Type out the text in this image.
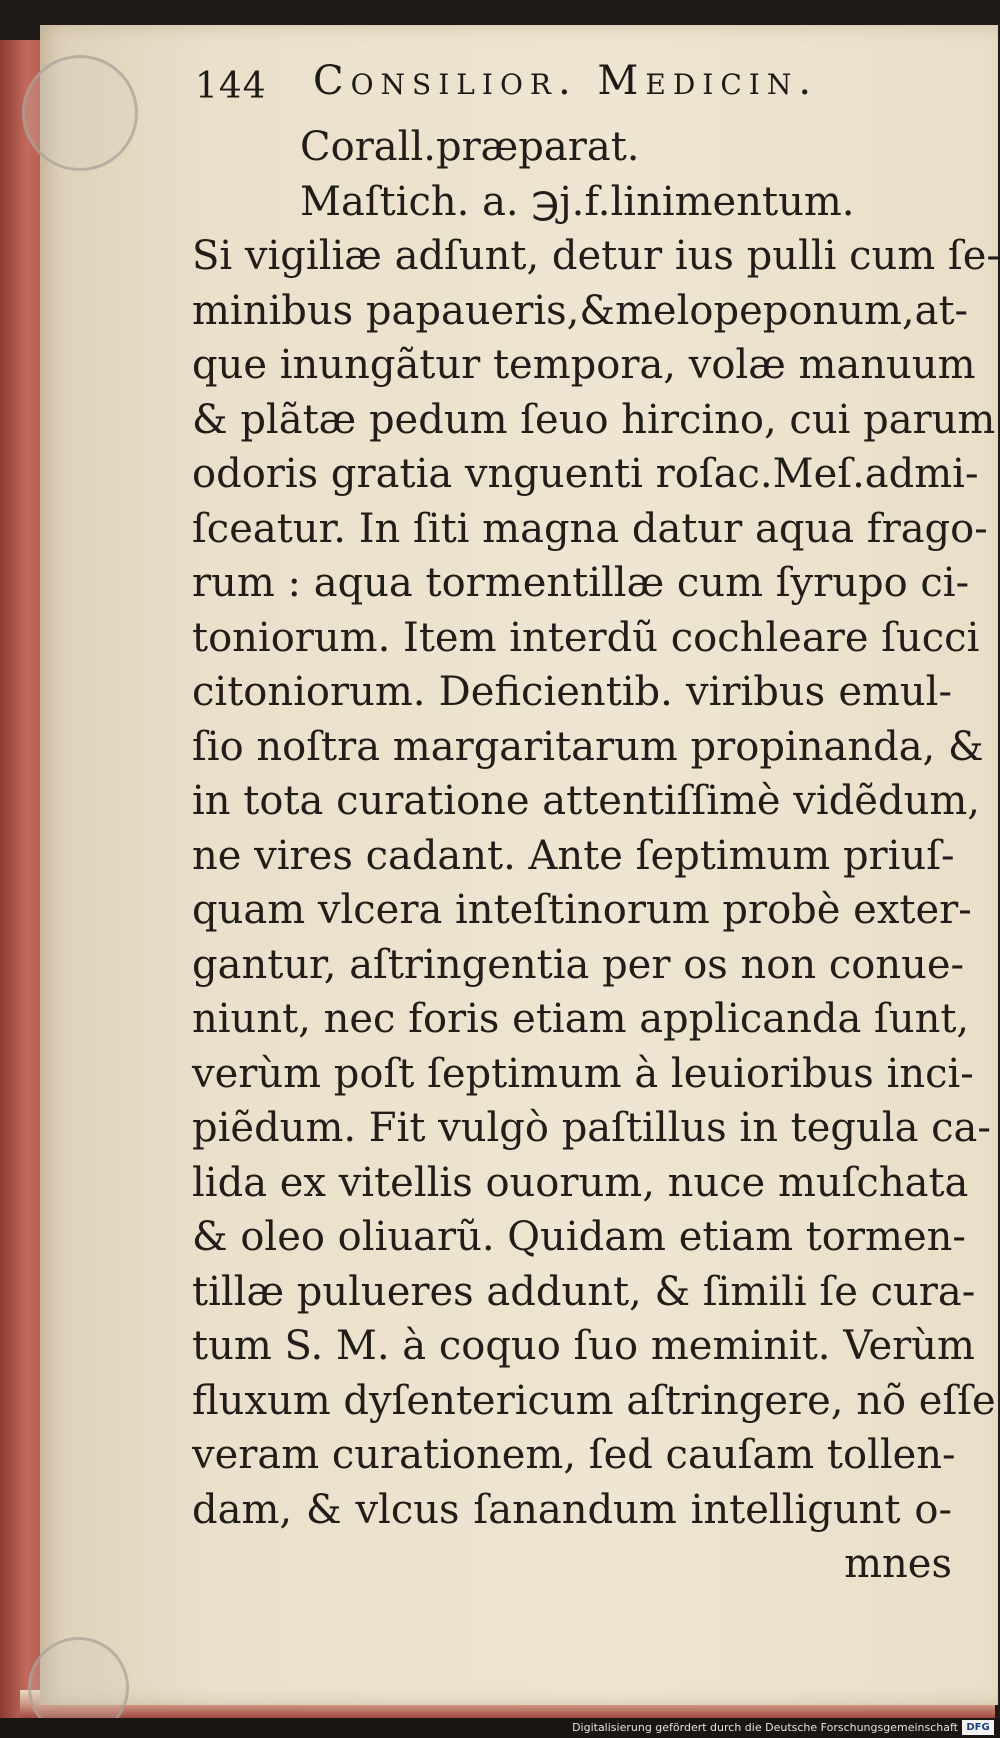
144 Consilior. Medicin.
Corall.præparat.
Maſtich. a. ℈j.f.linimentum.
Si vigiliæ adſunt, detur ius pulli cum ſe-
minibus papaueris,&melopeponum,at-
que inungãtur tempora, volæ manuum
& plãtæ pedum ſeuo hircino, cui parum
odoris gratia vnguenti roſac.Meſ.admi-
ſceatur. In ſiti magna datur aqua frago-
rum : aqua tormentillæ cum ſyrupo ci-
toniorum. Item interdũ cochleare ſucci
citoniorum. Deficientib. viribus emul-
ſio noſtra margaritarum propinanda, &
in tota curatione attentiſſimè vidẽdum,
ne vires cadant. Ante ſeptimum priuſ-
quam vlcera inteſtinorum probè exter-
gantur, aſtringentia per os non conue-
niunt, nec foris etiam applicanda ſunt,
verùm poſt ſeptimum à leuioribus inci-
piẽdum. Fit vulgò paſtillus in tegula ca-
lida ex vitellis ouorum, nuce muſchata
& oleo oliuarũ. Quidam etiam tormen-
tillæ pulueres addunt, & ſimili ſe cura-
tum S. M. à coquo ſuo meminit. Verùm
fluxum dyſentericum aſtringere, nõ eſſe
veram curationem, ſed cauſam tollen-
dam, & vlcus ſanandum intelligunt o-
mnes
Digitalisierung gefördert durch die Deutsche Forschungsgemeinschaft DFG
